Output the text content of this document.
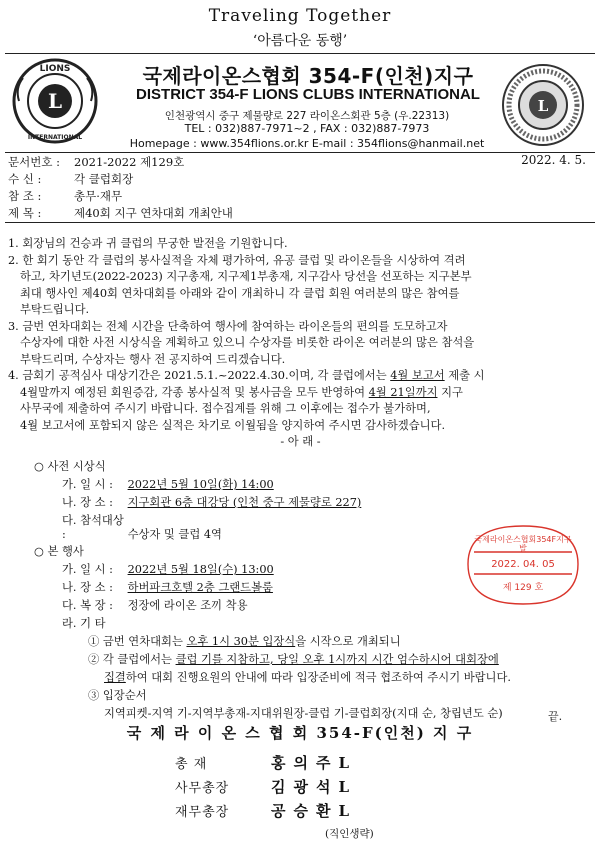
Traveling Together
‘아름다운 동행’
L
LIONS
INTERNATIONAL
L
국제라이온스협회 354-F(인천)지구
DISTRICT 354-F LIONS CLUBS INTERNATIONAL
인천광역시 중구 제물량로 227 라이온스회관 5층 (우.22313)
TEL : 032)887-7971~2 , FAX : 032)887-7973
Homepage : www.354flions.or.kr E-mail : 354flions@hanmail.net
문서번호 : 2021-2022 제129호	2022. 4. 5.
수 신 :	각 클럽회장
참 조 :	총무·재무
제 목 :	제40회 지구 연차대회 개최안내

1. 회장님의 건승과 귀 클럽의 무궁한 발전을 기원합니다.

2. 한 회기 동안 각 클럽의 봉사실적을 자체 평가하여, 유공 클럽 및 라이온들을 시상하여 격려

하고, 차기년도(2022-2023) 지구총재, 지구제1부총재, 지구감사 당선을 선포하는 지구본부

최대 행사인 제40회 연차대회를 아래와 같이 개최하니 각 클럽 회원 여러분의 많은 참여를

부탁드립니다.

3. 금번 연차대회는 전체 시간을 단축하여 행사에 참여하는 라이온들의 편의를 도모하고자

수상자에 대한 사전 시상식을 계획하고 있으니 수상자를 비롯한 라이온 여러분의 많은 참석을

부탁드리며, 수상자는 행사 전 공지하여 드리겠습니다.

4. 금회기 공적심사 대상기간은 2021.5.1.~2022.4.30.이며, 각 클럽에서는 4월 보고서 제출 시

4월말까지 예정된 회원증감, 각종 봉사실적 및 봉사금을 모두 반영하여 4월 21일까지 지구

사무국에 제출하여 주시기 바랍니다. 접수집계를 위해 그 이후에는 접수가 불가하며,

4월 보고서에 포함되지 않은 실적은 차기로 이월됨을 양지하여 주시면 감사하겠습니다.

- 아 래 -

○ 사전 시상식
가. 일 시 : 2022년 5월 10일(화) 14:00
나. 장 소 : 지구회관 6층 대강당 (인천 중구 제물량로 227)
다. 참석대상 :	수상자 및 클럽 4역
○ 본 행사
가. 일 시 : 2022년 5월 18일(수) 13:00
나. 장 소 : 하버파크호텔 2층 그랜드볼룸
다. 복 장 : 정장에 라이온 조끼 착용
라. 기 타
① 금번 연차대회는 오후 1시 30분 입장식을 시작으로 개최되니
② 각 클럽에서는 클럽 기를 지참하고, 당일 오후 1시까지 시간 엄수하시어 대회장에
집결하여 대회 진행요원의 안내에 따라 입장준비에 적극 협조하여 주시기 바랍니다.
③ 입장순서
지역피켓-지역 기-지역부총재-지대위원장-클럽 기-클럽회장(지대 순, 창립년도 순)	끝.
국제라이온스협회354F지구
발
2022. 04. 05
제 129 호
국 제 라 이 온 스 협 회 354-F(인천) 지 구
총 재	홍의주L
사무총장	김광석L
재무총장	공승환L
(직인생략)
